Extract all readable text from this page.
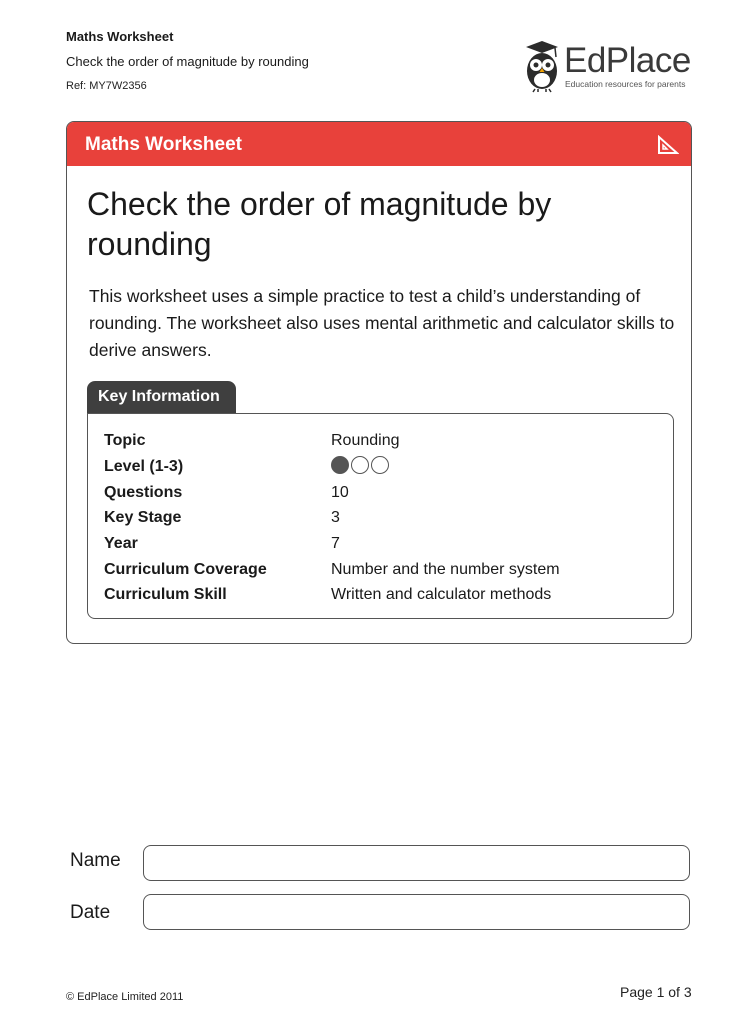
Maths Worksheet
Check the order of magnitude by rounding
Ref: MY7W2356
EdPlace
Education resources for parents
Maths Worksheet
Check the order of magnitude by rounding
This worksheet uses a simple practice to test a child’s understanding of rounding. The worksheet also uses mental arithmetic and calculator skills to derive answers.
Key Information
Topic	Rounding
Level (1-3)
Questions	10
Key Stage	3
Year	7
Curriculum Coverage	Number and the number system
Curriculum Skill	Written and calculator methods
Name
Date
© EdPlace Limited 2011	Page 1 of 3
